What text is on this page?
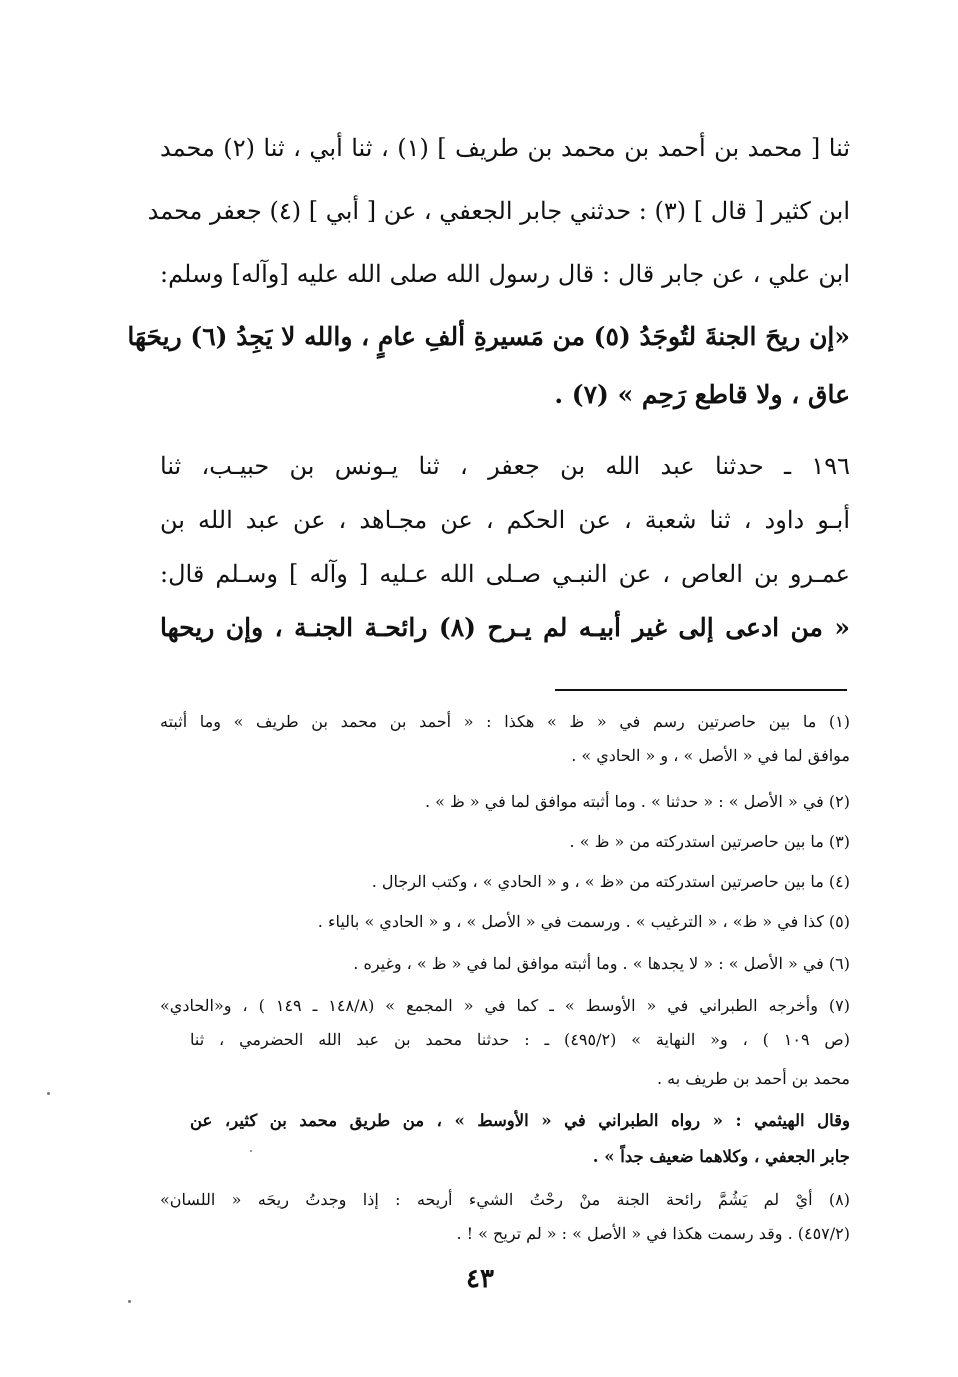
ثنا [ محمد بن أحمد بن محمد بن طريف ] (١) ، ثنا أبي ، ثنا (٢) محمد
ابن كثير [ قال ] (٣) : حدثني جابر الجعفي ، عن [ أبي ] (٤) جعفر محمد
ابن علي ، عن جابر قال : قال رسول الله صلى الله عليه [وآله] وسلم:
«إن ريحَ الجنةَ لتُوجَدُ (٥) من مَسيرةِ ألفِ عامٍ ، والله لا يَجِدُ (٦) ريحَهَا
عاق ، ولا قاطع رَحِم » (٧) .
١٩٦ ـ حدثنا عبد الله بن جعفر ، ثنا يـونس بن حبيـب، ثنا
أبـو داود ، ثنا شعبة ، عن الحكم ، عن مجـاهد ، عن عبد الله بن
عمـرو بن العاص ، عن النبـي صـلى الله عـليه [ وآله ] وسـلم قال:
« من ادعى إلى غير أبيـه لم يـرح (٨) رائحـة الجنـة ، وإن ريحها
(١) ما بين حاصرتين رسم في « ظ » هكذا : « أحمد بن محمد بن طريف » وما أثبته
موافق لما في « الأصل » ، و « الحادي » .
(٢) في « الأصل » : « حدثنا » . وما أثبته موافق لما في « ظ » .
(٣) ما بين حاصرتين استدركته من « ظ » .
(٤) ما بين حاصرتين استدركته من «ظ » ، و « الحادي » ، وكتب الرجال .
(٥) كذا في « ظ» ، « الترغيب » . ورسمت في « الأصل » ، و « الحادي » بالياء .
(٦) في « الأصل » : « لا يجدها » . وما أثبته موافق لما في « ظ » ، وغيره .
(٧) وأخرجه الطبراني في « الأوسط » ـ كما في « المجمع » (١٤٨/٨ ـ ١٤٩ ) ، و«الحادي»
(ص ١٠٩ ) ، و« النهاية » (٤٩٥/٢) ـ : حدثنا محمد بن عبد الله الحضرمي ، ثنا
محمد بن أحمد بن طريف به .
وقال الهيثمي : « رواه الطبراني في « الأوسط » ، من طريق محمد بن كثير، عن
جابر الجعفي ، وكلاهما ضعيف جداً » .
(٨) أيْ لم يَشُمَّ رائحة الجنة منْ رحْتُ الشيء أريحه : إذا وجدتُ ريحَه « اللسان»
(٤٥٧/٢) . وقد رسمت هكذا في « الأصل » : « لم تريح » ! .
٤٣
